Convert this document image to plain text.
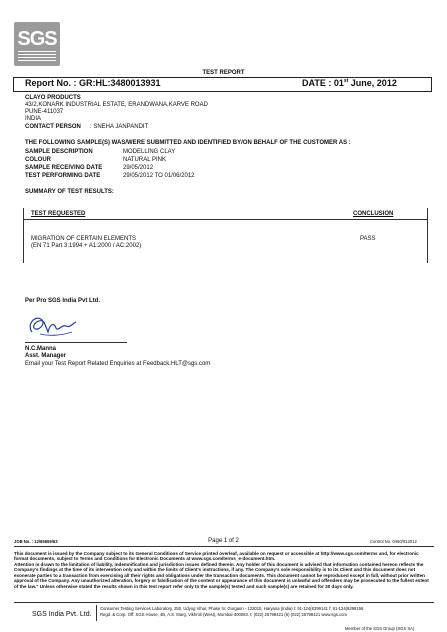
SGS
TEST REPORT
Report No. : GR:HL:3480013931	DATE : 01st June, 2012
CLAYO PRODUCTS
43/2,KONARK INDUSTRIAL ESTATE, ERANDWANA,KARVE ROAD
PUNE-411037
INDIA
CONTACT PERSON : SNEHA JANPANDIT
THE FOLLOWING SAMPLE(S) WAS/WERE SUBMITTED AND IDENTIFIED BY/ON BEHALF OF THE CUSTOMER AS :
SAMPLE DESCRIPTION	MODELLING CLAY
COLOUR	NATURAL PINK
SAMPLE RECEIVING DATE	29/05/2012
TEST PERFORMING DATE	29/05/2012 TO 01/06/2012
SUMMARY OF TEST RESULTS:
TEST REQUESTED	CONCLUSION
MIGRATION OF CERTAIN ELEMENTS
(EN 71 Part 3:1994 + A1:2000 / AC:2002)
PASS
Per Pro SGS India Pvt Ltd.
N.C.Manna
Asst. Manager
Email your Test Report Related Enquiries at Feedback.HLT@sgs.com
JOB No. : 12/65659/63	Page 1 of 2	Control No. 0450/012012
This document is issued by the Company subject to its General Conditions of Service printed overleaf, available on request or accessible at http://www.sgs.com/terms and, for electronic format documents, subject to Terms and Conditions for Electronic Documents at www.sgs.com/terms_e-document.htm.
Attention is drawn to the limitation of liability, indemnification and jurisdiction issues defined therein. Any holder of this document is advised that information contained hereon reflects the Company's findings at the time of its intervention only and within the limits of Client's instructions, if any. The Company's sole responsibility is to its Client and this document does not exonerate parties to a transaction from exercising all their rights and obligations under the transaction documents. This document cannot be reproduced except in full, without prior written approval of the Company. Any unauthorized alteration, forgery or falsification of the content or appearance of this document is unlawful and offenders may be prosecuted to the fullest extent of the law." Unless otherwise stated the results shown in this test report refer only to the sample(s) tested and such sample(s) are retained for 30 days only.
SGS India Pvt. Ltd.
Consumer Testing Services Laboratory, 250, Udyog Vihar, Phase IV, Gurgaon - 122015, Haryana (India) t: 91-124(6399141 f: 91-124(6399156
Regd. & Corp. Off: SGS House, 4B, A.S. Marg, Vikhroli (West), Mumbai-400083. t: (022) 25798421 (6) (022) 25798421 www.sgs.com
Member of the SGS Group (SGS SA)
